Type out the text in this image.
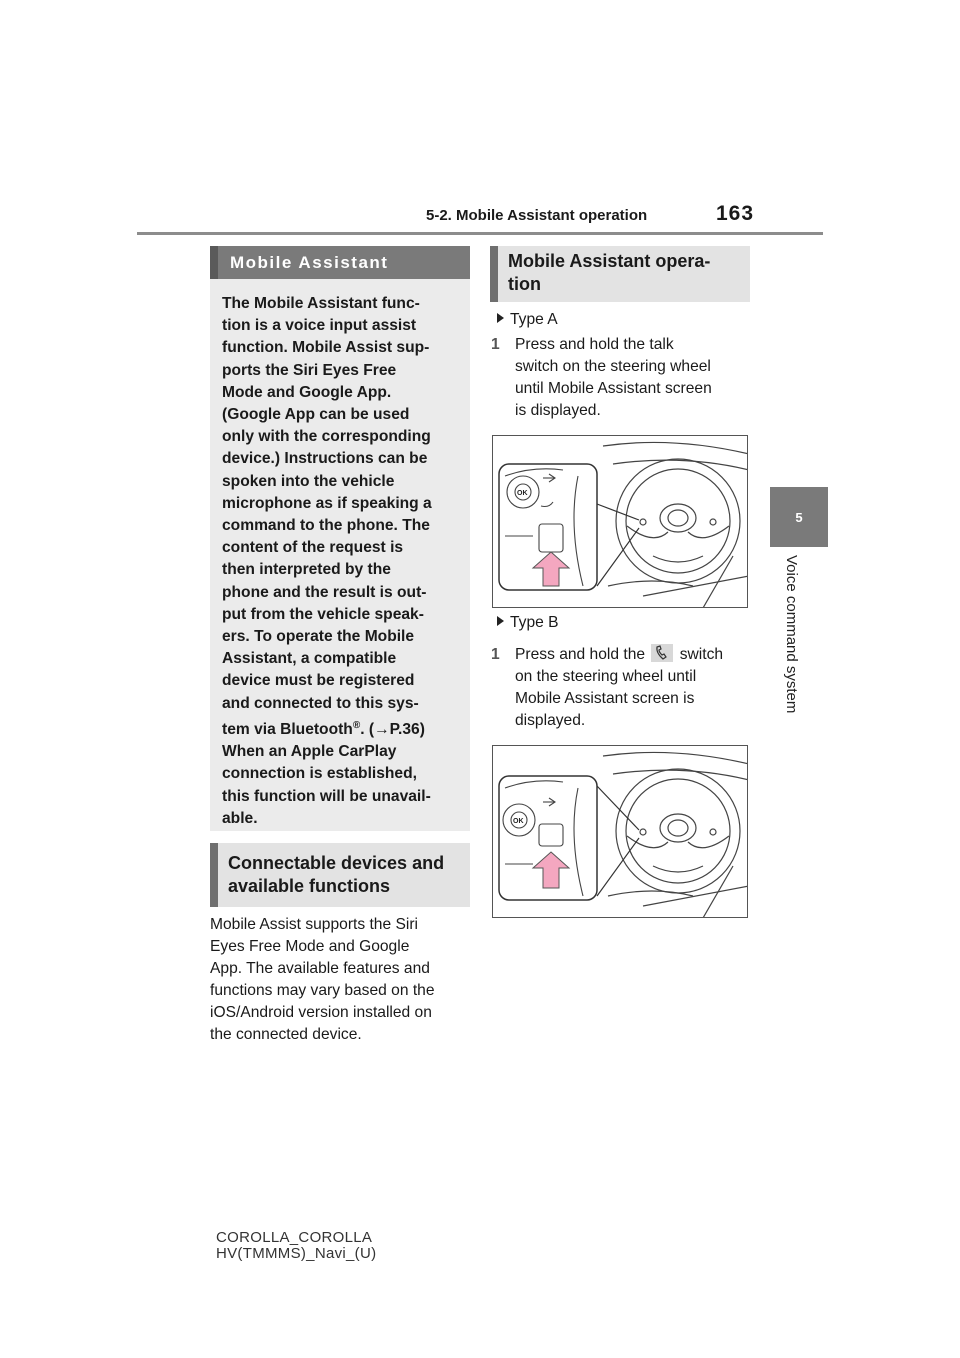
5-2. Mobile Assistant operation	163
5
Voice command system
Mobile Assistant
The Mobile Assistant func-
tion is a voice input assist
function. Mobile Assist sup-
ports the Siri Eyes Free
Mode and Google App.
(Google App can be used
only with the corresponding
device.) Instructions can be
spoken into the vehicle
microphone as if speaking a
command to the phone. The
content of the request is
then interpreted by the
phone and the result is out-
put from the vehicle speak-
ers. To operate the Mobile
Assistant, a compatible
device must be registered
and connected to this sys-
tem via Bluetooth®. (→P.36)
When an Apple CarPlay
connection is established,
this function will be unavail-
able.
Connectable devices and
available functions
Mobile Assist supports the Siri
Eyes Free Mode and Google
App. The available features and
functions may vary based on the
iOS/Android version installed on
the connected device.
Mobile Assistant opera-
tion
Type A
1 Press and hold the talk
switch on the steering wheel
until Mobile Assistant screen
is displayed.
OK
Type B
1 Press and hold the switch
on the steering wheel until
Mobile Assistant screen is
displayed.
OK
COROLLA_COROLLA
HV(TMMMS)_Navi_(U)
